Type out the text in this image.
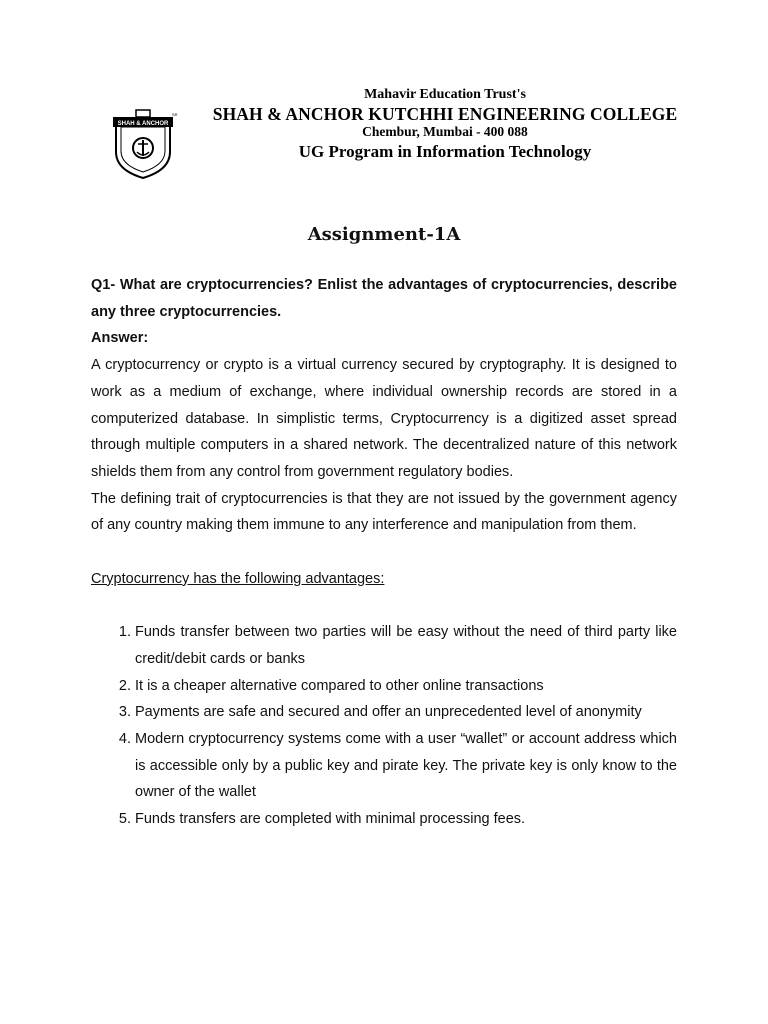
SHAH & ANCHOR
SR
Mahavir Education Trust's
SHAH & ANCHOR KUTCHHI ENGINEERING COLLEGE
Chembur, Mumbai - 400 088
UG Program in Information Technology
Assignment-1A

Q1- What are cryptocurrencies? Enlist the advantages of cryptocurrencies, describe any three cryptocurrencies.

Answer:

A cryptocurrency or crypto is a virtual currency secured by cryptography. It is designed to work as a medium of exchange, where individual ownership records are stored in a computerized database. In simplistic terms, Cryptocurrency is a digitized asset spread through multiple computers in a shared network. The decentralized nature of this network shields them from any control from government regulatory bodies.

The defining trait of cryptocurrencies is that they are not issued by the government agency of any country making them immune to any interference and manipulation from them.

Cryptocurrency has the following advantages:

1. Funds transfer between two parties will be easy without the need of third party like credit/debit cards or banks
2. It is a cheaper alternative compared to other online transactions
3. Payments are safe and secured and offer an unprecedented level of anonymity
4. Modern cryptocurrency systems come with a user “wallet” or account address which is accessible only by a public key and pirate key. The private key is only know to the owner of the wallet
5. Funds transfers are completed with minimal processing fees.
